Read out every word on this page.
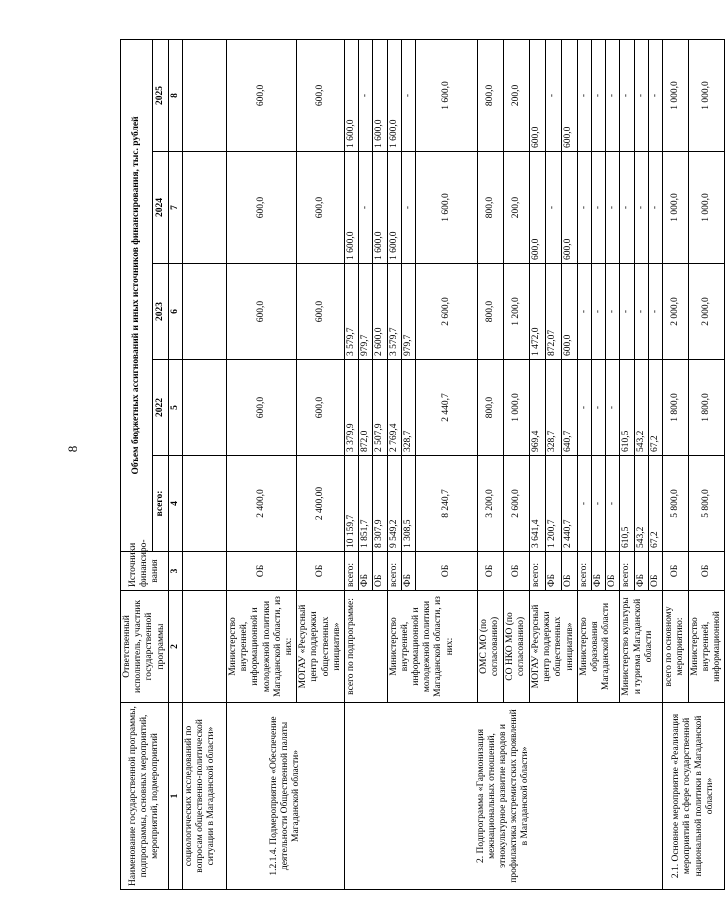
8
Наименование государственной программы, подпрограммы, основных мероприятий, мероприятий, подмероприятий	Ответственный исполнитель, участник государственной программы	Источники финансиро-вания	Объем бюджетных ассигнований и иных источников финансирования, тыс. рублей				
			всего:	2022	2023	2024	2025
1	2	3	4	5	6	7	8
социологических исследований по вопросам общественно-политической ситуации в Магаданской области»							
1.2.1.4. Подмероприятие «Обеспечение деятельности Общественной палаты Магаданской области»	Министерство внутренней, информационной и молодежной политики Магаданской области, из них:	ОБ	2 400,0	600,0	600,0	600,0	600,0
	МОГАУ «Ресурсный центр поддержки общественных инициатив»	ОБ	2 400,00	600,0	600,0	600,0	600,0
2. Подпрограмма «Гармонизация межнациональных отношений, этнокультурное развитие народов и профилактика экстремистских проявлений в Магаданской области»	всего по подпрограмме:	всего:	10 159,7	3 379,9	3 579,7	1 600,0	1 600,0
		ФБ	1 851,7	872,0	979,7	-	-
		ОБ	8 307,9	2 507,9	2 600,0	1 600,0	1 600,0
	Министерство внутренней, информационной и молодежной политики Магаданской области, из них:	всего:	9 549,2	2 769,4	3 579,7	1 600,0	1 600,0
		ФБ	1 308,5	328,7	979,7	-	-
		ОБ	8 240,7	2 440,7	2 600,0	1 600,0	1 600,0
	ОМС МО (по согласованию)	ОБ	3 200,0	800,0	800,0	800,0	800,0
	СО НКО МО (по согласованию)	ОБ	2 600,0	1 000,0	1 200,0	200,0	200,0
	МОГАУ «Ресурсный центр поддержки общественных инициатив»	всего:	3 641,4	969,4	1 472,0	600,0	600,0
		ФБ	1 200,7	328,7	872,07	-	-
		ОБ	2 440,7	640,7	600,0	600,0	600,0
	Министерство образования Магаданской области	всего:	-	-	-	-	-
		ФБ	-	-	-	-	-
		ОБ	-	-	-	-	-
	Министерство культуры и туризма Магаданской области	всего:	610,5	610,5	-	-	-
		ФБ	543,2	543,2	-	-	-
		ОБ	67,2	67,2	-	-	-
2.1. Основное мероприятие «Реализация мероприятий в сфере государственной национальной политики в Магаданской области»	всего по основному мероприятию:	ОБ	5 800,0	1 800,0	2 000,0	1 000,0	1 000,0
	Министерство внутренней, информационной	ОБ	5 800,0	1 800,0	2 000,0	1 000,0	1 000,0
